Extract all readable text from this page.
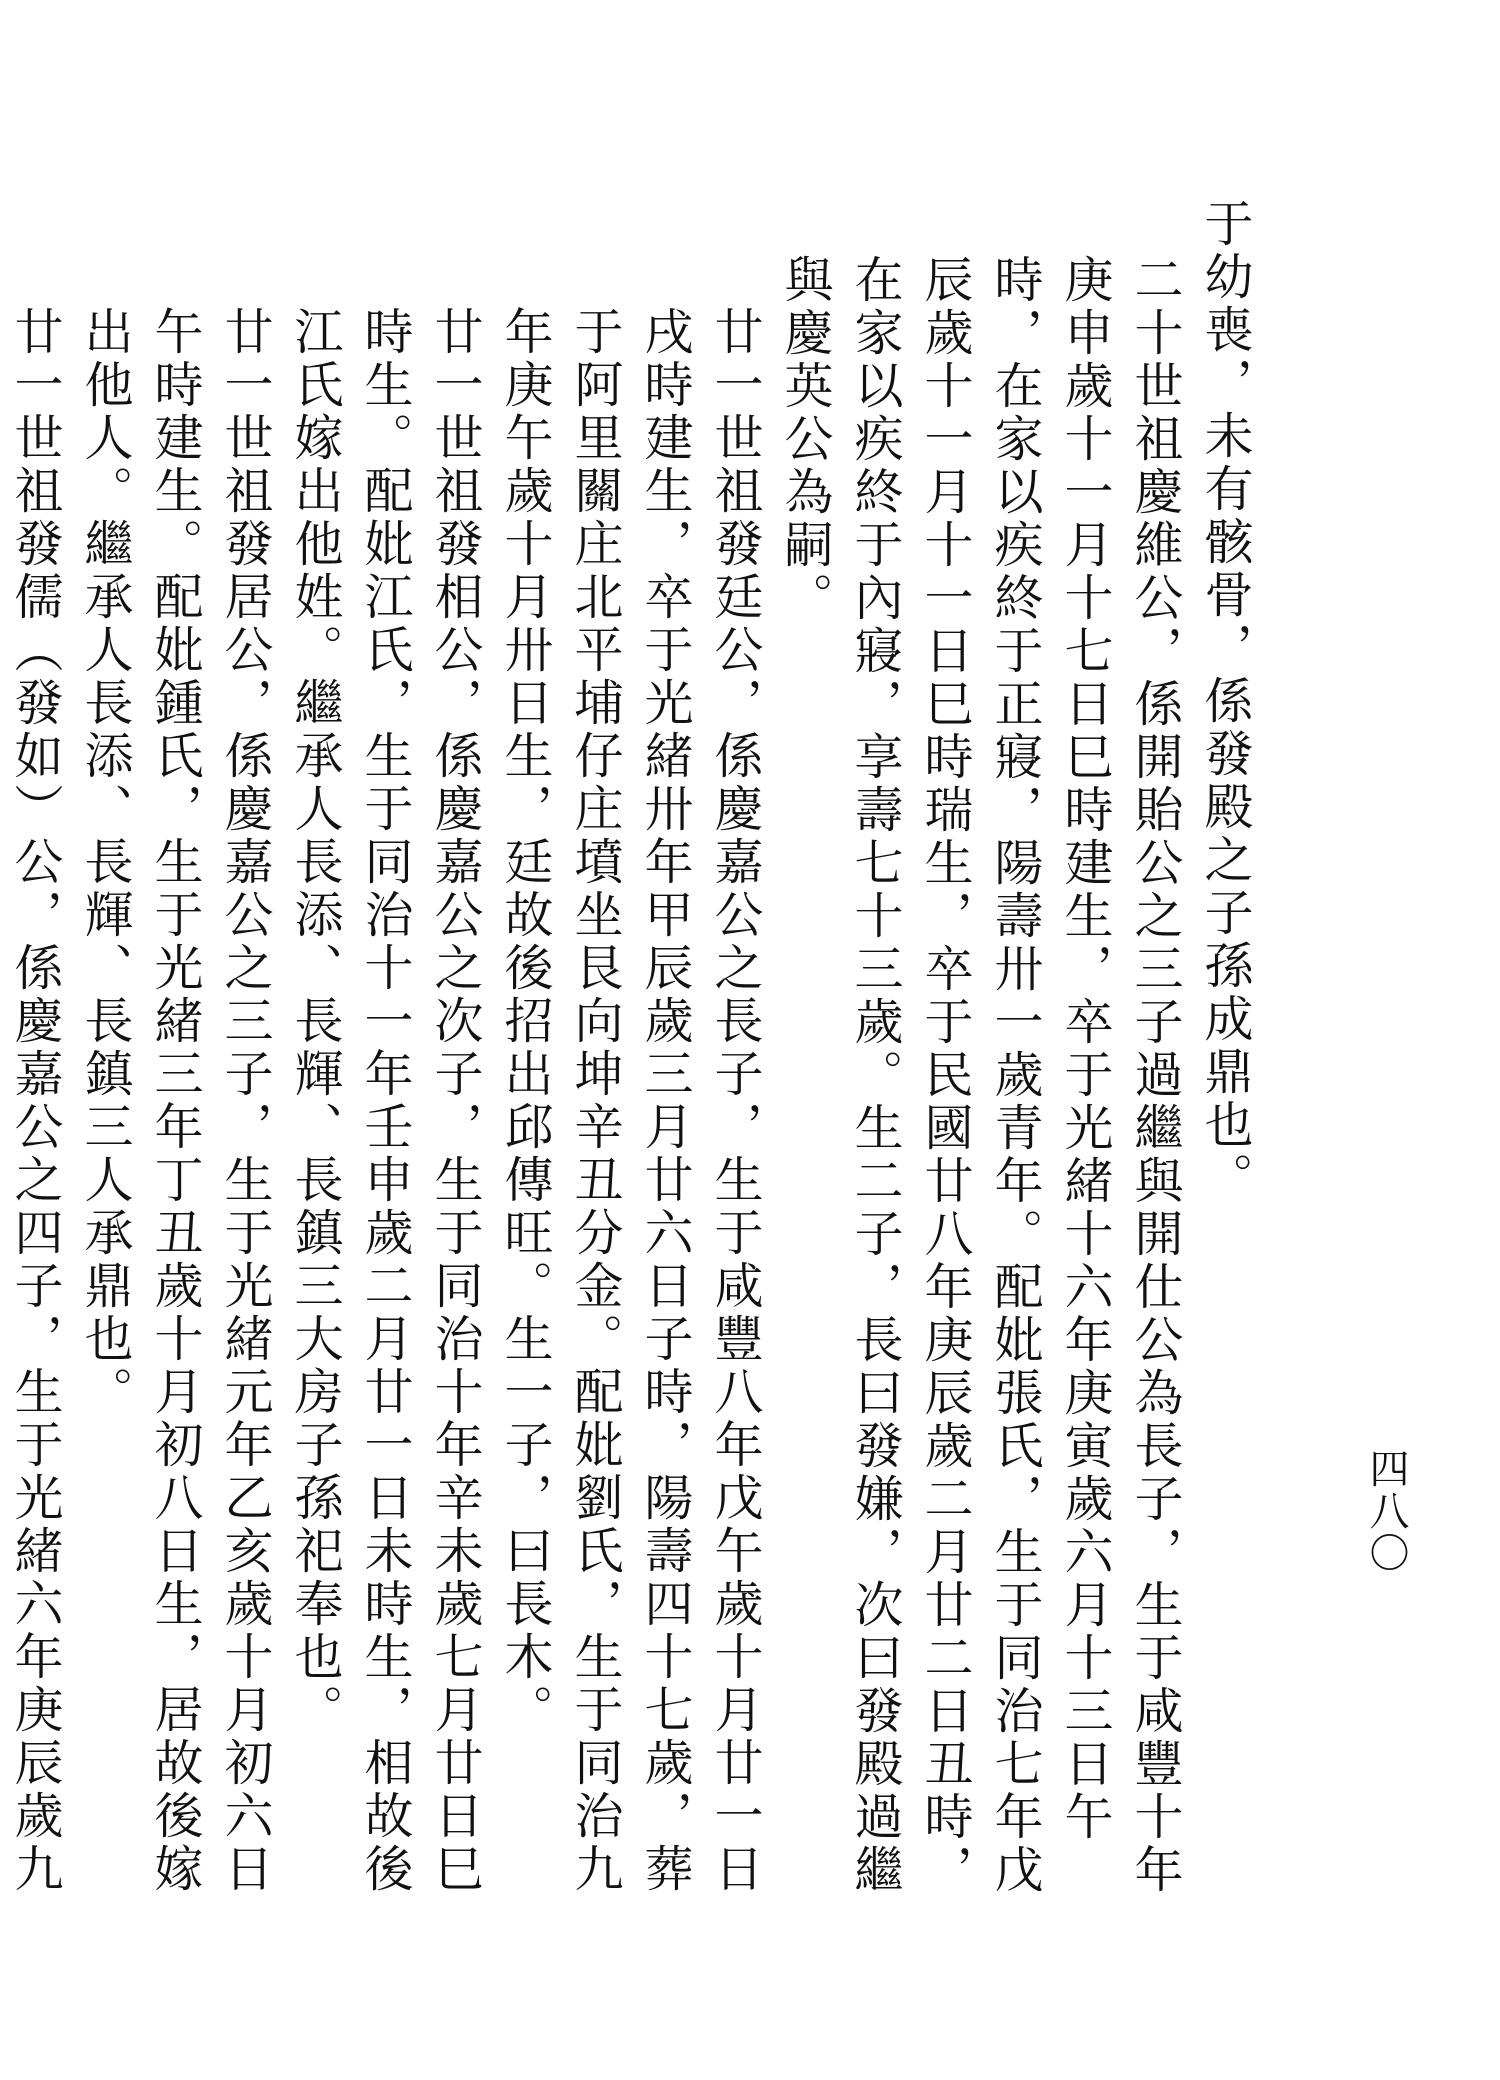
四八〇
于幼喪，未有骸骨，係發殿之子孫成鼎也。
二十世祖慶維公，係開貽公之三子過繼與開仕公為長子，生于咸豐十年庚申歲十一月十七日巳時建生，卒于光緒十六年庚寅歲六月十三日午時，在家以疾終于正寢，陽壽卅一歲青年。配妣張氏，生于同治七年戊辰歲十一月十一日巳時瑞生，卒于民國廿八年庚辰歲二月廿二日丑時，在家以疾終于內寢，享壽七十三歲。生二子，長曰發嫌，次曰發殿過繼與慶英公為嗣。
廿一世祖發廷公，係慶嘉公之長子，生于咸豐八年戊午歲十月廿一日戌時建生，卒于光緒卅年甲辰歲三月廿六日子時，陽壽四十七歲，葬于阿里關庄北平埔仔庄墳坐艮向坤辛丑分金。配妣劉氏，生于同治九年庚午歲十月卅日生，廷故後招出邱傳旺。生一子，曰長木。
廿一世祖發相公，係慶嘉公之次子，生于同治十年辛未歲七月廿日巳時生。配妣江氏，生于同治十一年壬申歲二月廿一日未時生，相故後江氏嫁出他姓。繼承人長添、長輝、長鎮三大房子孫祀奉也。
廿一世祖發居公，係慶嘉公之三子，生于光緒元年乙亥歲十月初六日午時建生。配妣鍾氏，生于光緒三年丁丑歲十月初八日生，居故後嫁出他人。繼承人長添、長輝、長鎮三人承鼎也。
廿一世祖發儒（發如）公，係慶嘉公之四子，生于光緒六年庚辰歲九
